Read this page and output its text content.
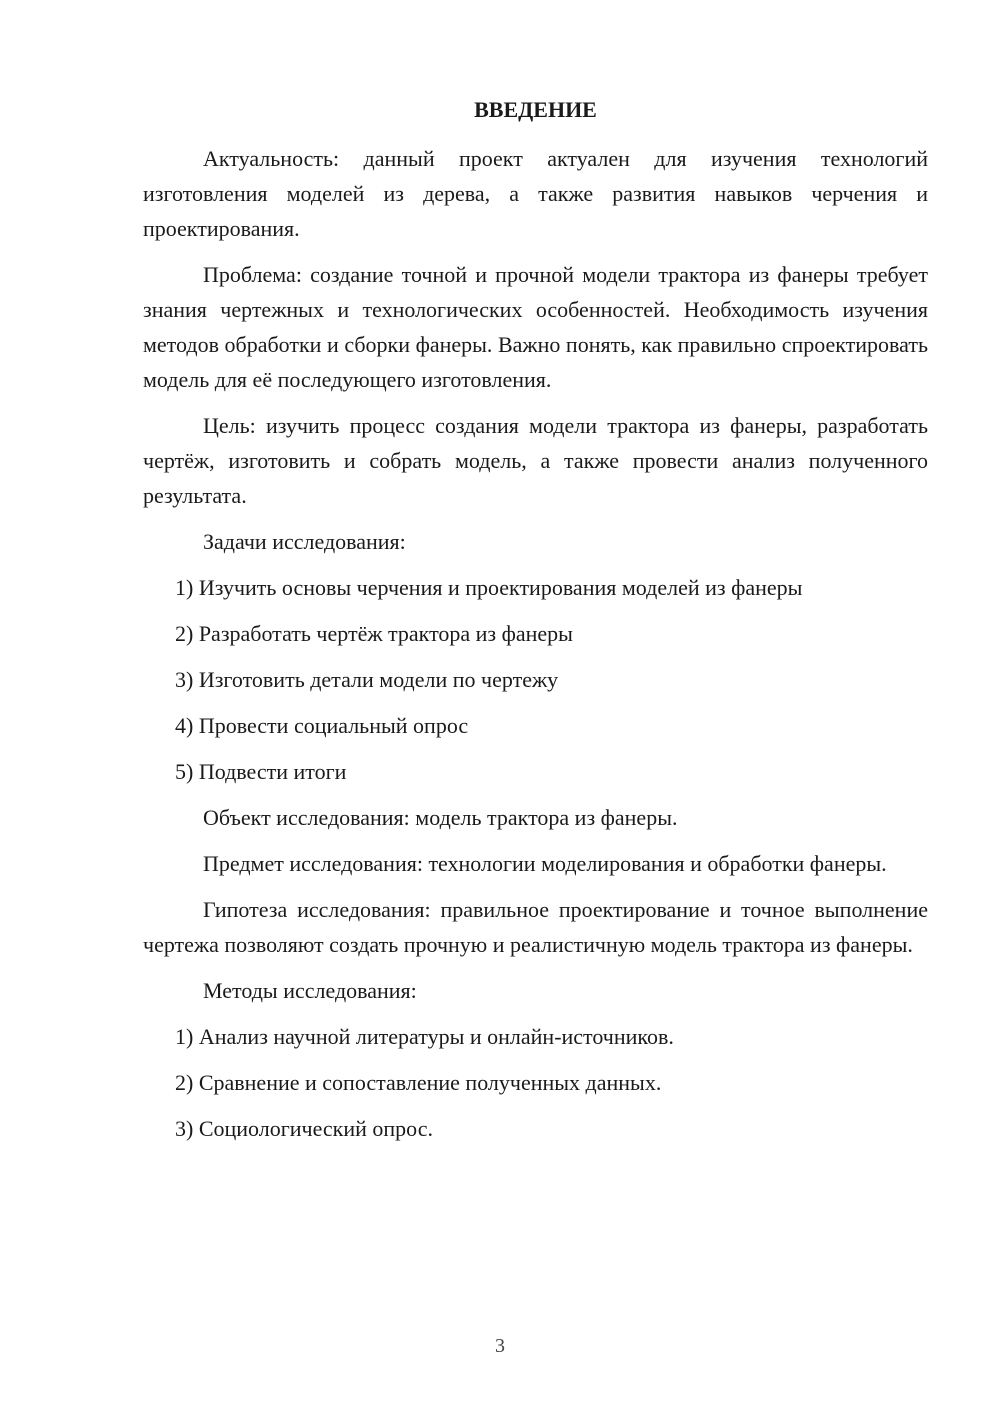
ВВЕДЕНИЕ

Актуальность: данный проект актуален для изучения технологий изготовления моделей из дерева, а также развития навыков черчения и проектирования.

Проблема: создание точной и прочной модели трактора из фанеры требует знания чертежных и технологических особенностей. Необходимость изучения методов обработки и сборки фанеры. Важно понять, как правильно спроектировать модель для её последующего изготовления.

Цель: изучить процесс создания модели трактора из фанеры, разработать чертёж, изготовить и собрать модель, а также провести анализ полученного результата.

Задачи исследования:

1) Изучить основы черчения и проектирования моделей из фанеры
2) Разработать чертёж трактора из фанеры
3) Изготовить детали модели по чертежу
4) Провести социальный опрос
5) Подвести итоги

Объект исследования: модель трактора из фанеры.

Предмет исследования: технологии моделирования и обработки фанеры.

Гипотеза исследования: правильное проектирование и точное выполнение чертежа позволяют создать прочную и реалистичную модель трактора из фанеры.

Методы исследования:

1) Анализ научной литературы и онлайн-источников.
2) Сравнение и сопоставление полученных данных.
3) Социологический опрос.
3
